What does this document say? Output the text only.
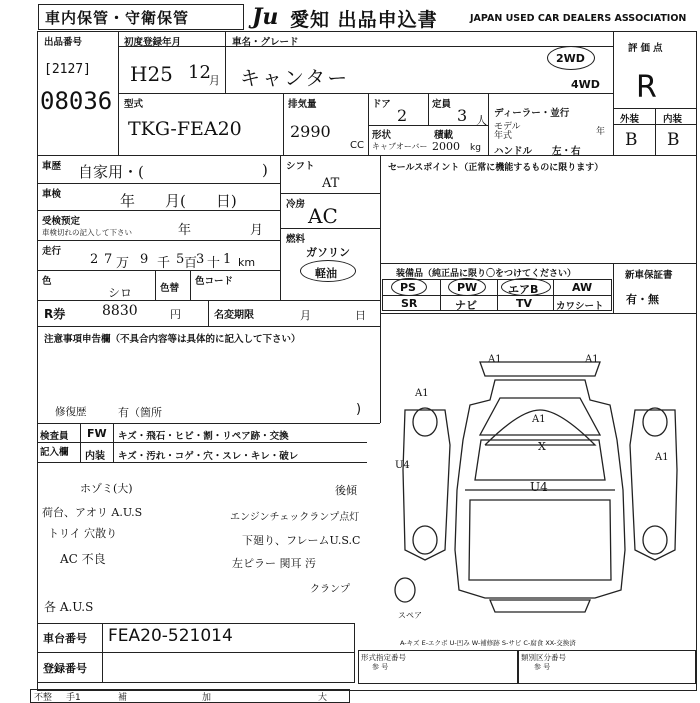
車内保管・守衛保管	Ju 愛知 出品申込書	JAPAN USED CAR DEALERS ASSOCIATION
出品番号
[2127]
08036
初度登録年月
H25 12
月
車名・グレード
キャンター
2WD
4WD
評価点
R
外装	内装
B B
型式
TKG-FEA20
排気量
2990
CC
ドア
2
定員
3 人
形状
キャブオーバー
積載
2000 kg
ディーラー・並行
モデル
年式	年
ハンドル 左・右
車歴 自家用・(	)
車検	年　　月(　　日)
受検预定
車検切れの記入して下さい	年	月
走行
2 7 万 9 千 5 百
3 十 1 km
色
シロ	色替
色コード
シフト
AT
冷房 AC
燃料
ガソリン
軽油
セールスポイント（正常に機能するものに限ります）
装備品（純正品に限り〇をつけてください）	新車保証書
有・無
PS	PW	エアB	AW
SR	ナビ	TV	カワシート
R券	8830	円	名変期限	月	日
注意事項申告欄（不具合内容等は具体的に記入して下さい）
修復歴	有（箇所	)
検査員
記入欄
FW キズ・飛石・ヒビ・割・リペア跡・交換
内装 キズ・汚れ・コゲ・穴・スレ・キレ・破レ
ホゾミ(大)
荷台、アオリ A.U.S
トリイ 穴散り
AC 不良
各 A.U.S
後傾
エンジンチェックランプ点灯
下廻り、フレームU.S.C
左ピラー 関耳 汚
クランプ
A1	A1
A1
A1
A1
U4
U4
X
スペア
A-キズ E-エクボ U-凹み W-補修跡 S-サビ C-腐食 XX-交換済
車台番号 FEA20-521014
登録番号
形式指定番号
参 号
類別区分番号
参 号
不整 手1	補	加	大
